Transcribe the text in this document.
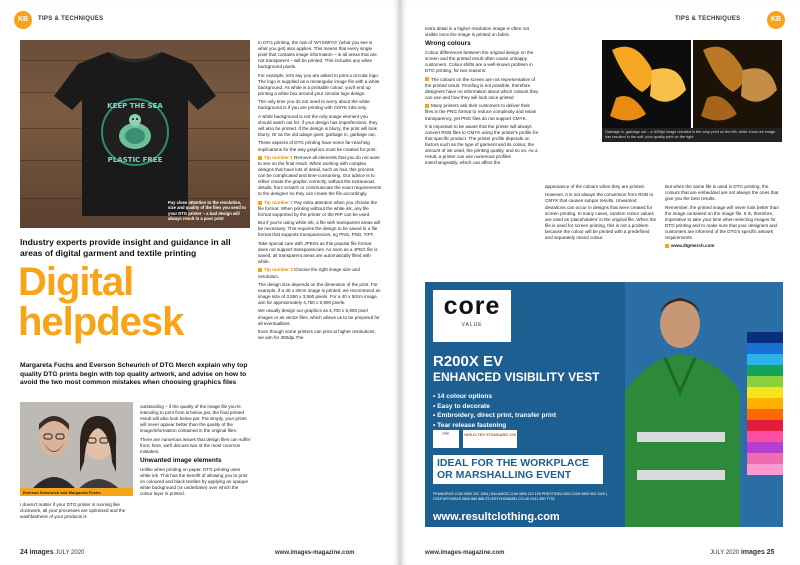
KB	TIPS & TECHNIQUES
KEEP THE SEA
PLASTIC FREE
Pay close attention to the resolution, size and quality of the files you send to your DTG printer – a bad design will always result in a poor print
Industry experts provide insight and guidance in all areas of digital garment and textile printing
Digital
helpdesk
Margareta Fuchs and Everson Scheurich of DTG Merch explain why top quality DTG prints begin with top quality artwork, and advise on how to avoid the two most common mistakes when choosing graphics files
Everson Scheurich and Margareta Fuchs

I doesn't matter if your DTG printer is running like clockwork, all your processes are optimised and the washfastness of your products is

outstanding – if the quality of the image file you're intending to print from is below par, the final printed result will also look below par. Put simply, your prints will never appear better than the quality of the image/information contained in the original files.

There are numerous issues that design files can suffer from; here, we'll discuss two of the most common mistakes.

Unwanted image elements

Unlike when printing on paper, DTG printing uses white ink. This has the benefit of allowing you to print on coloured and black textiles by applying an opaque white background (or underbase) over which the colour layer is printed.

In DTG printing, the rule of 'WYSIWYG' (what you see is what you get) also applies. This means that every single pixel that contains image information – ie all areas that are not transparent – will be printed. This includes any white background pixels.

For example, let's say you are asked to print a circular logo. The logo is supplied as a rectangular image file with a white background. As white is a printable colour, you'll end up printing a white box around your circular logo design.

The only time you do not need to worry about the white background is if you are printing with CMYK inks only.

A white background is not the only image element you should watch out for: if your design has imperfections, they will also be printed. If the design is blurry, the print will look blurry. Or as the old adage goes: garbage in, garbage out.

These aspects of DTG printing have some far-reaching implications for the way graphics must be created for print.

Tip number 1 Remove all elements that you do not want to see on the final result. When working with complex designs that have lots of detail, such as hair, this process can be complicated and time-consuming. Our advice is to either create the graphic correctly, without the extraneous details, from scratch or communicate the exact requirements to the designer so they can create the file accordingly.

Tip number 2 Pay extra attention when you choose the file format. When printing without the white ink, any file format supported by the printer or the RIP can be used.

But if you're using white ink, a file with transparent areas will be necessary. This requires the design to be saved in a file format that supports transparencies, eg PNG, PSD, TIFF.

Take special care with JPEGs as this popular file format does not support transparencies. As soon as a JPEG file is saved, all transparent areas are automatically filled with white.

Tip number 3 Choose the right image size and resolution.

The design size depends on the dimension of the print. For example, if a 30 x 30cm image is printed, we recommend an image size of 3,550 x 3,550 pixels. For a 40 x 50cm image, aim for approximately 4,750 x 5,900 pixels.

We usually design our graphics as 4,700 x 5,900 pixel images or as vector files, which allows us to be prepared for all eventualities.

Even though some printers can print at higher resolutions, we aim for 300dpi.The

24 images JULY 2020	www.images-magazine.com
TIPS & TECHNIQUES	KB

extra detail in a higher resolution image is often not visible once the image is printed on fabric.

Wrong colours

Colour differences between the original design on the screen and the printed result often cause unhappy customers. Colour shifts are a well-known problem in DTG printing, for two reasons:

The colours on the screen are not representative of the printed result. Proofing is not possible, therefore designers have no information about which colours they can use and how they will look once printed

Many printers ask their customers to deliver their files in the PNG format to reduce complexity and retain transparency, yet PNG files do not support CMYK.

It is important to be aware that the printer will always convert RGB files to CMYK using the printer's profile for that specific product. The printer profile depends on factors such as the type of garment and its colour, the amount of ink used, the printing quality, and so on. As a result, a printer can use numerous profiles interchangeably, which can affect the

appearance of the colours when they are printed.

However, it is not always the conversion from RGB to CMYK that causes subpar results. Unwanted deviations can occur in designs that were created for screen printing. In many cases, random colour values are used as 'placeholders' in the original file. When the file is used for screen printing, this is not a problem because the colour will be printed with a predefined and separately mixed colour.

But when the same file is used in DTG printing, the colours that are embedded are not always the ones that give you the best results.

Remember, the printed image will never look better than the image contained on the image file. It is, therefore, imperative to take your time when selecting images for DTG printing and to make sure that your designers and customers are informed of the DTG's specific artwork requirements.

www.dtgmerch.com

www.images-magazine.com	JULY 2020 images 25
Garbage in, garbage out – a 300dpi image resulted in the crisp print on the left, while a low-res image has resulted in the soft, poor quality print on the right
core
VALUE
R200X EV
ENHANCED VISIBILITY VEST
• 14 colour options
• Easy to decorate
• Embroidery, direct print, transfer print
• Tear release fastening
PPE	OEKO-TEX STANDARD 100
IDEAL FOR THE WORKPLACE
OR MARSHALLING EVENT
PEMAGROS.COM 0800 202 1354 | BALAMOS.COM 0800 212 190 PRESTIGELOGIX.COM 0800 902 1100 | CENTURYNISAS 0800 889 888 STLESTYHOMAND.CO.UK 0141 550 7778
www.resultclothing.com
